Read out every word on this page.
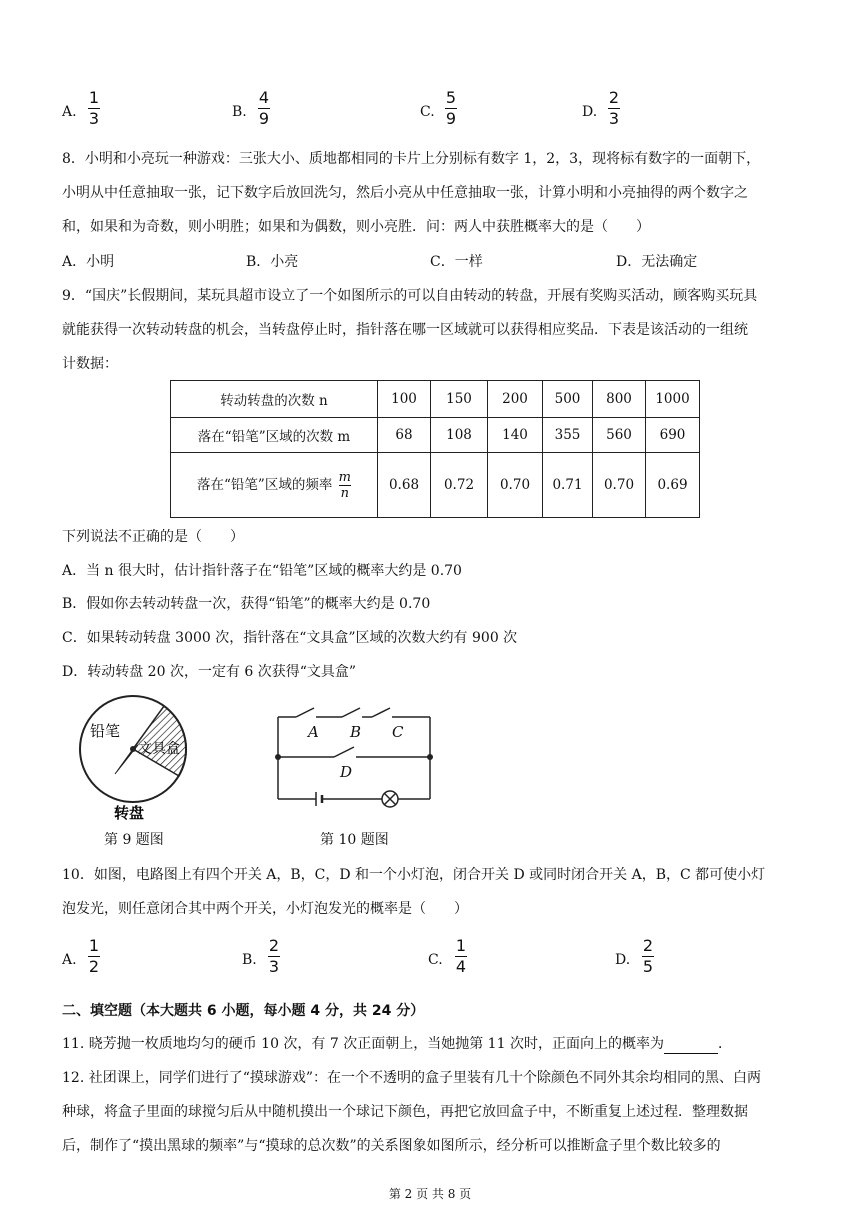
A.
1
3	B.
4
9	C.
5
9	D.
2
3
8．小明和小亮玩一种游戏：三张大小、质地都相同的卡片上分别标有数字 1，2，3，现将标有数字的一面朝下，
小明从中任意抽取一张，记下数字后放回洗匀，然后小亮从中任意抽取一张，计算小明和小亮抽得的两个数字之
和，如果和为奇数，则小明胜；如果和为偶数，则小亮胜．问：两人中获胜概率大的是（　　）
A．小明	B．小亮	C．一样	D．无法确定
9．“国庆”长假期间，某玩具超市设立了一个如图所示的可以自由转动的转盘，开展有奖购买活动，顾客购买玩具
就能获得一次转动转盘的机会，当转盘停止时，指针落在哪一区域就可以获得相应奖品．下表是该活动的一组统
计数据：
转动转盘的次数 n	100	150	200	500	800	1000
落在“铅笔”区域的次数 m	68	108	140	355	560	690
落在“铅笔”区域的频率 $\frac{m}{n}$	0.68	0.72	0.70	0.71	0.70	0.69
下列说法不正确的是（　　）
A．当 n 很大时，估计指针落子在“铅笔”区域的概率大约是 0.70
B．假如你去转动转盘一次，获得“铅笔”的概率大约是 0.70
C．如果转动转盘 3000 次，指针落在“文具盒”区域的次数大约有 900 次
D．转动转盘 20 次，一定有 6 次获得“文具盒”
铅笔
文具盒
转盘
第 9 题图
A B C
D
第 10 题图
10．如图，电路图上有四个开关 A，B，C，D 和一个小灯泡，闭合开关 D 或同时闭合开关 A，B，C 都可使小灯
泡发光，则任意闭合其中两个开关，小灯泡发光的概率是（　　）
A.
1
2	B.
2
3	C.
1
4	D.
2
5
二、填空题（本大题共 6 小题，每小题 4 分，共 24 分）
11. 晓芳抛一枚质地均匀的硬币 10 次，有 7 次正面朝上，当她抛第 11 次时，正面向上的概率为	．
12. 社团课上，同学们进行了“摸球游戏”：在一个不透明的盒子里装有几十个除颜色不同外其余均相同的黑、白两
种球，将盒子里面的球搅匀后从中随机摸出一个球记下颜色，再把它放回盒子中，不断重复上述过程．整理数据
后，制作了“摸出黑球的频率”与“摸球的总次数”的关系图象如图所示，经分析可以推断盒子里个数比较多的
第 2 页 共 8 页
